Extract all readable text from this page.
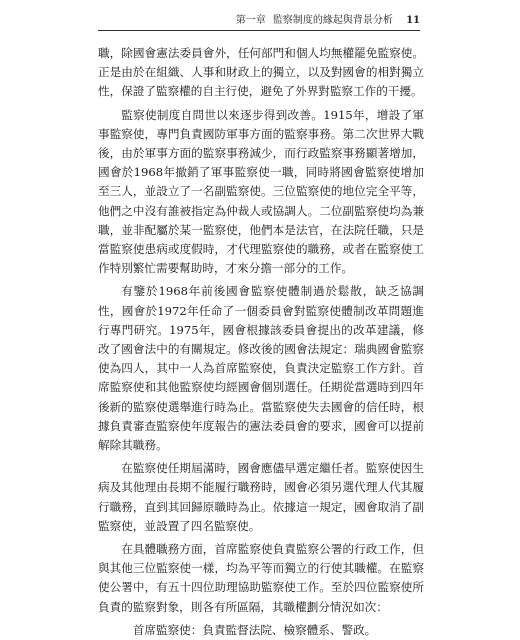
第一章 監察制度的緣起與背景分析 11

職，除國會憲法委員會外，任何部門和個人均無權罷免監察使。正是由於在組織、人事和財政上的獨立，以及對國會的相對獨立性，保證了監察權的自主行使，避免了外界對監察工作的干擾。

監察使制度自問世以來逐步得到改善。1915年，增設了軍事監察使，專門負責國防軍事方面的監察事務。第二次世界大戰後，由於軍事方面的監察事務減少，而行政監察事務顯著增加，國會於1968年撤銷了軍事監察使一職，同時將國會監察使增加至三人，並設立了一名副監察使。三位監察使的地位完全平等，他們之中沒有誰被指定為仲裁人或協調人。二位副監察使均為兼職，並非配屬於某一監察使，他們本是法官，在法院任職，只是當監察使患病或度假時，才代理監察使的職務，或者在監察使工作特別繁忙需要幫助時，才來分擔一部分的工作。

有鑒於1968年前後國會監察使體制過於鬆散，缺乏協調性，國會於1972年任命了一個委員會對監察使體制改革問題進行專門研究。1975年，國會根據該委員會提出的改革建議，修改了國會法中的有關規定。修改後的國會法規定：瑞典國會監察使為四人，其中一人為首席監察使，負責決定監察工作方針。首席監察使和其他監察使均經國會個別選任。任期從當選時到四年後新的監察使選舉進行時為止。當監察使失去國會的信任時，根據負責審查監察使年度報告的憲法委員會的要求，國會可以提前解除其職務。

在監察使任期屆滿時，國會應儘早選定繼任者。監察使因生病及其他理由長期不能履行職務時，國會必須另選代理人代其履行職務，直到其回歸原職時為止。依據這一規定，國會取消了副監察使，並設置了四名監察使。

在具體職務方面，首席監察使負責監察公署的行政工作，但與其他三位監察使一樣，均為平等而獨立的行使其職權。在監察使公署中，有五十四位助理協助監察使工作。至於四位監察使所負責的監察對象，則各有所區隔，其職權劃分情況如次：

首席監察使：負責監督法院、檢察體系、警政。
